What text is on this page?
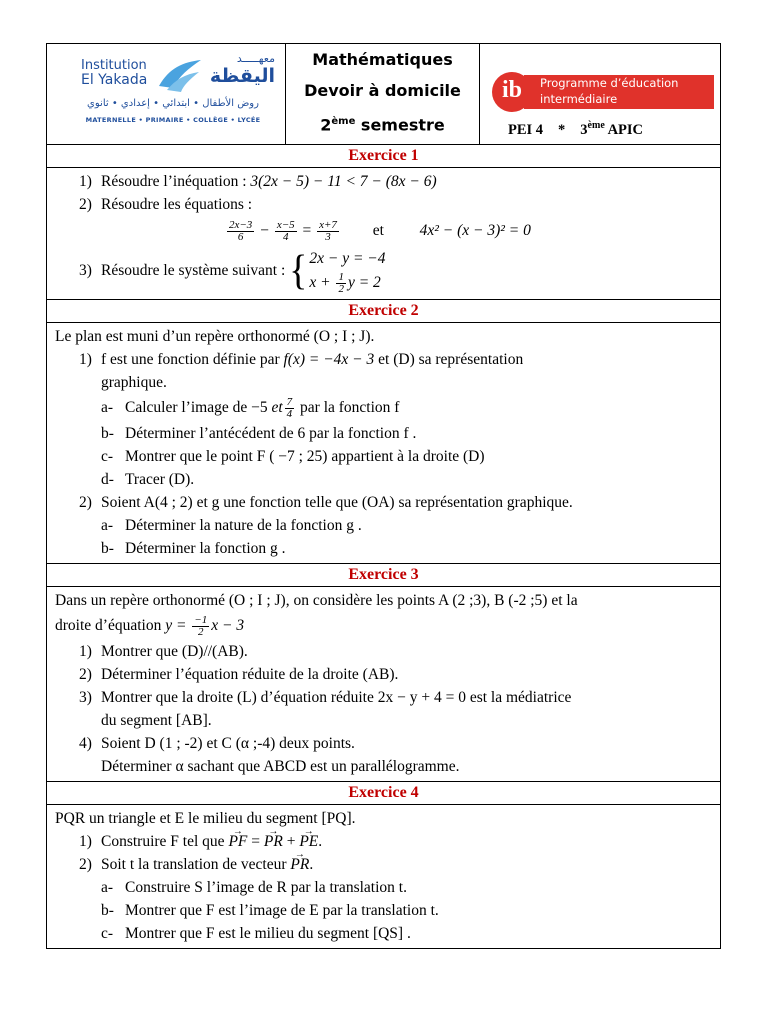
Institution
El Yakada
معهـــــد
اليقظة
روض الأطفال • ابتدائي • إعدادي • ثانوي
MATERNELLE • PRIMAIRE • COLLÈGE • LYCÉE
Mathématiques
Devoir à domicile
2ème semestre
ib	Programme d’éducation
intermédiaire
PEI 4 * 3ème APIC
Exercice 1
1) Résoudre l’inéquation : 3(2x − 5) − 11 < 7 − (8x − 6)
2) Résoudre les équations :
$\frac{2x-3}{6} - \frac{x-5}{4} = \frac{x+7}{3}$ et 4x² − (x − 3)² = 0
3) Résoudre le système suivant : { 2x − y = −4
$x + \frac{1}{2}$ y = 2
Exercice 2
Le plan est muni d’un repère orthonormé (O ; I ; J).
1) f est une fonction définie par f(x) = −4x − 3 et (D) sa représentation
graphique.
a- Calculer l’image de −5 et $\frac{7}{4}$ par la fonction f
b- Déterminer l’antécédent de 6 par la fonction f .
c- Montrer que le point F ( −7 ; 25) appartient à la droite (D)
d- Tracer (D).
2) Soient A(4 ; 2) et g une fonction telle que (OA) sa représentation graphique.
a- Déterminer la nature de la fonction g .
b- Déterminer la fonction g .
Exercice 3
Dans un repère orthonormé (O ; I ; J), on considère les points A (2 ;3), B (-2 ;5) et la
droite d’équation $y = \frac{-1}{2}$ x − 3
1) Montrer que (D)//(AB).
2) Déterminer l’équation réduite de la droite (AB).
3) Montrer que la droite (L) d’équation réduite 2x − y + 4 = 0 est la médiatrice
du segment [AB].
4) Soient D (1 ; -2) et C (α ;-4) deux points.
Déterminer α sachant que ABCD est un parallélogramme.
Exercice 4
PQR un triangle et E le milieu du segment [PQ].
1) Construire F tel que → PF = → PR + → PE.
2) Soit t la translation de vecteur → PR.
a- Construire S l’image de R par la translation t.
b- Montrer que F est l’image de E par la translation t.
c- Montrer que F est le milieu du segment [QS] .
